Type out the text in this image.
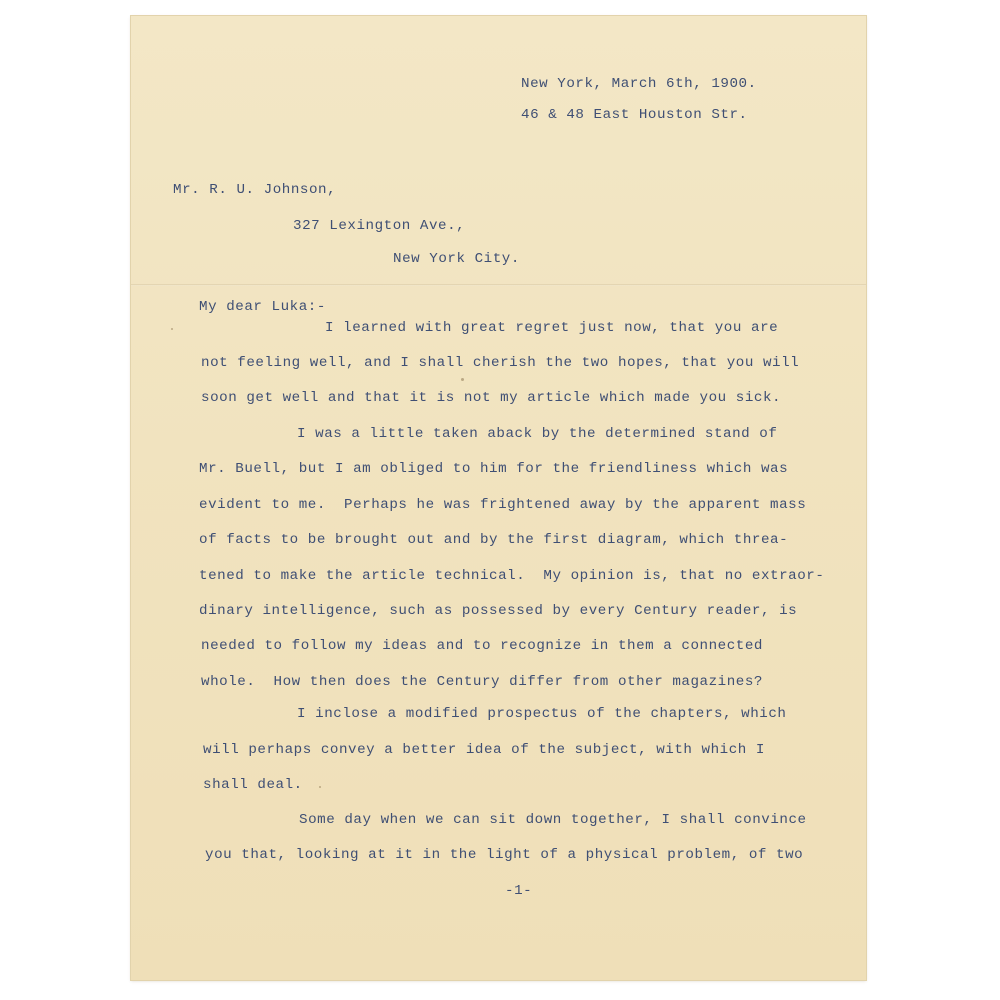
New York, March 6th, 1900.
46 & 48 East Houston Str.
Mr. R. U. Johnson,
327 Lexington Ave.,
New York City.
My dear Luka:-
I learned with great regret just now, that you are
not feeling well, and I shall cherish the two hopes, that you will
soon get well and that it is not my article which made you sick.
I was a little taken aback by the determined stand of
Mr. Buell, but I am obliged to him for the friendliness which was
evident to me.  Perhaps he was frightened away by the apparent mass
of facts to be brought out and by the first diagram, which threa-
tened to make the article technical.  My opinion is, that no extraor-
dinary intelligence, such as possessed by every Century reader, is
needed to follow my ideas and to recognize in them a connected
whole.  How then does the Century differ from other magazines?
I inclose a modified prospectus of the chapters, which
will perhaps convey a better idea of the subject, with which I
shall deal.
Some day when we can sit down together, I shall convince
you that, looking at it in the light of a physical problem, of two
-1-
